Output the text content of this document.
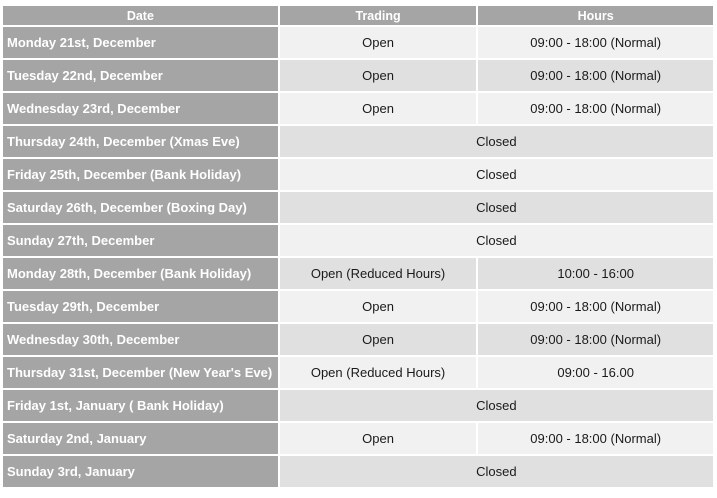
Date	Trading	Hours
Monday 21st, December	Open	09:00 - 18:00 (Normal)
Tuesday 22nd, December	Open	09:00 - 18:00 (Normal)
Wednesday 23rd, December	Open	09:00 - 18:00 (Normal)
Thursday 24th, December (Xmas Eve)	Closed	
Friday 25th, December (Bank Holiday)	Closed	
Saturday 26th, December (Boxing Day)	Closed	
Sunday 27th, December	Closed	
Monday 28th, December (Bank Holiday)	Open (Reduced Hours)	10:00 - 16:00
Tuesday 29th, December	Open	09:00 - 18:00 (Normal)
Wednesday 30th, December	Open	09:00 - 18:00 (Normal)
Thursday 31st, December (New Year's Eve)	Open (Reduced Hours)	09:00 - 16.00
Friday 1st, January ( Bank Holiday)	Closed	
Saturday 2nd, January	Open	09:00 - 18:00 (Normal)
Sunday 3rd, January	Closed	
